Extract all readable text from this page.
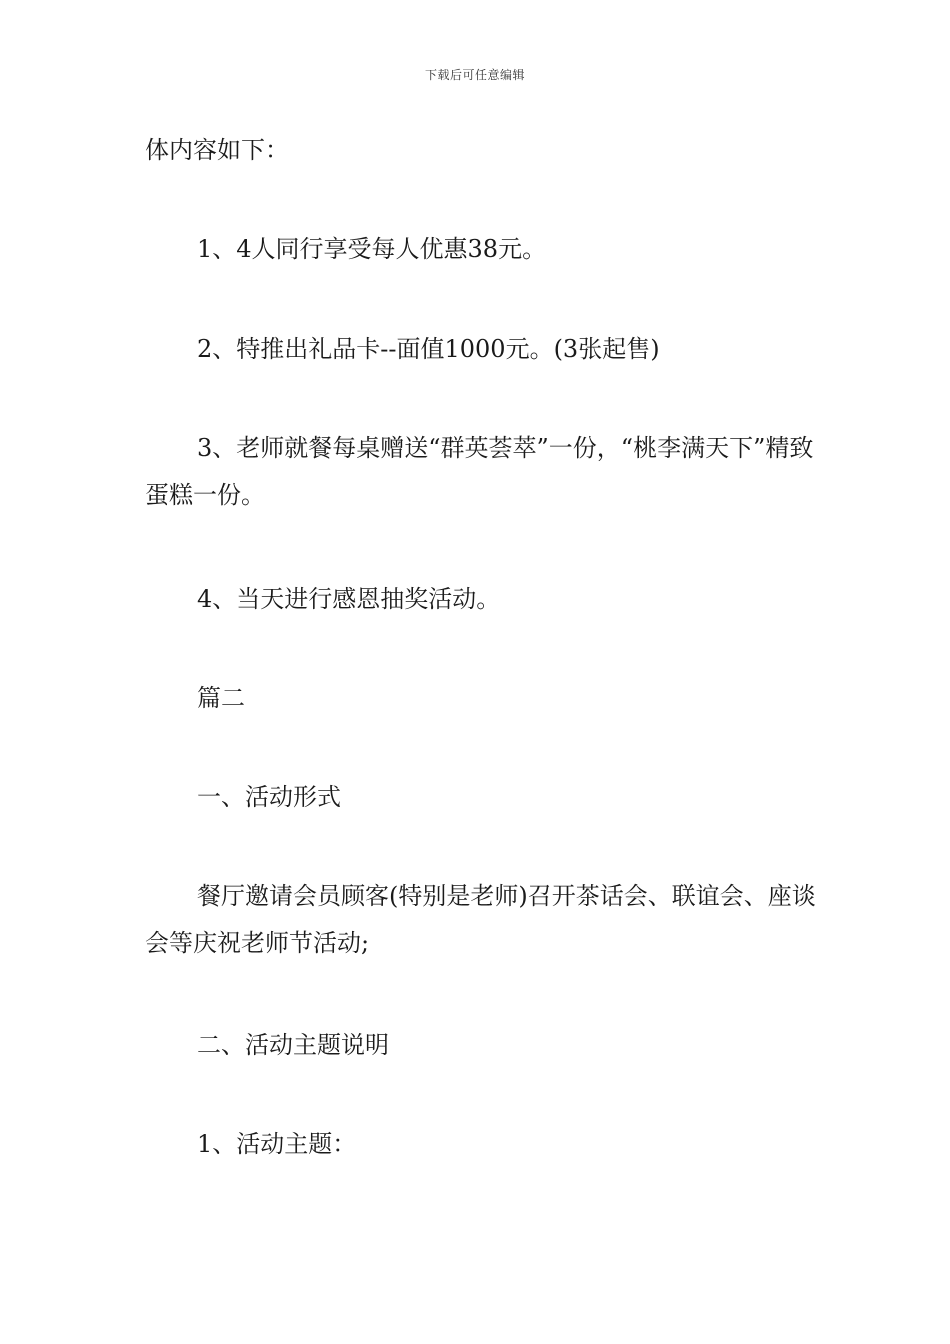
下载后可任意编辑

体内容如下：

1、4人同行享受每人优惠38元。

2、特推出礼品卡--面值1000元。(3张起售)

3、老师就餐每桌赠送“群英荟萃”一份，“桃李满天下”精致蛋糕一份。

4、当天进行感恩抽奖活动。

篇二

一、活动形式

餐厅邀请会员顾客(特别是老师)召开茶话会、联谊会、座谈会等庆祝老师节活动;

二、活动主题说明

1、活动主题：
